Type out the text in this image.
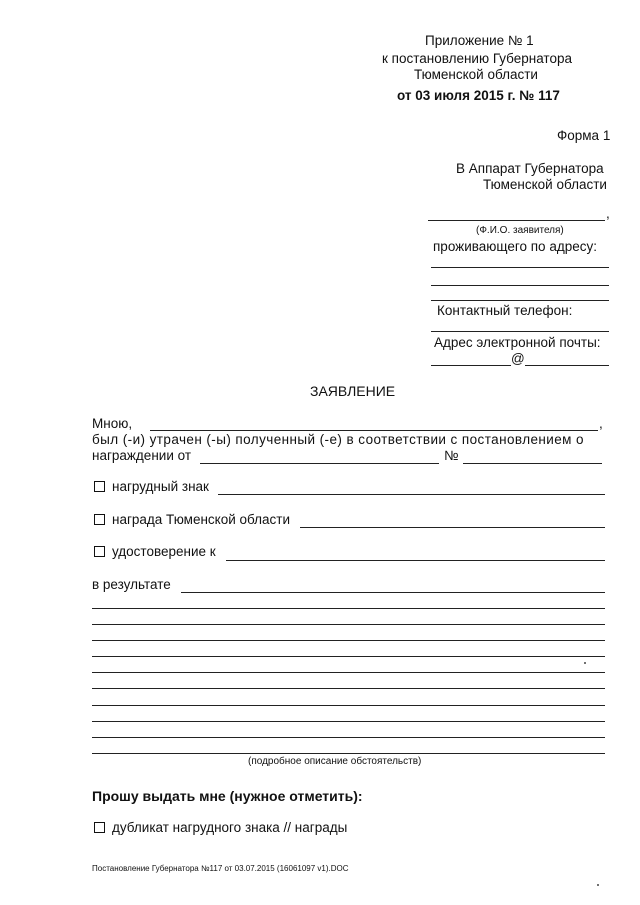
Приложение № 1
к постановлению Губернатора
Тюменской области
от 03 июля 2015 г. № 117
Форма 1
В Аппарат Губернатора
Тюменской области
,
(Ф.И.О. заявителя)
проживающего по адресу:
Контактный телефон:
Адрес электронной почты:
@
ЗАЯВЛЕНИЕ
Мною,	,
был (-и) утрачен (-ы) полученный (-е) в соответствии с постановлением о
награждении от	№
нагрудный знак
награда Тюменской области
удостоверение к
в результате
(подробное описание обстоятельств)
Прошу выдать мне (нужное отметить):
дубликат нагрудного знака // награды
Постановление Губернатора №117 от 03.07.2015 (16061097 v1).DOC
